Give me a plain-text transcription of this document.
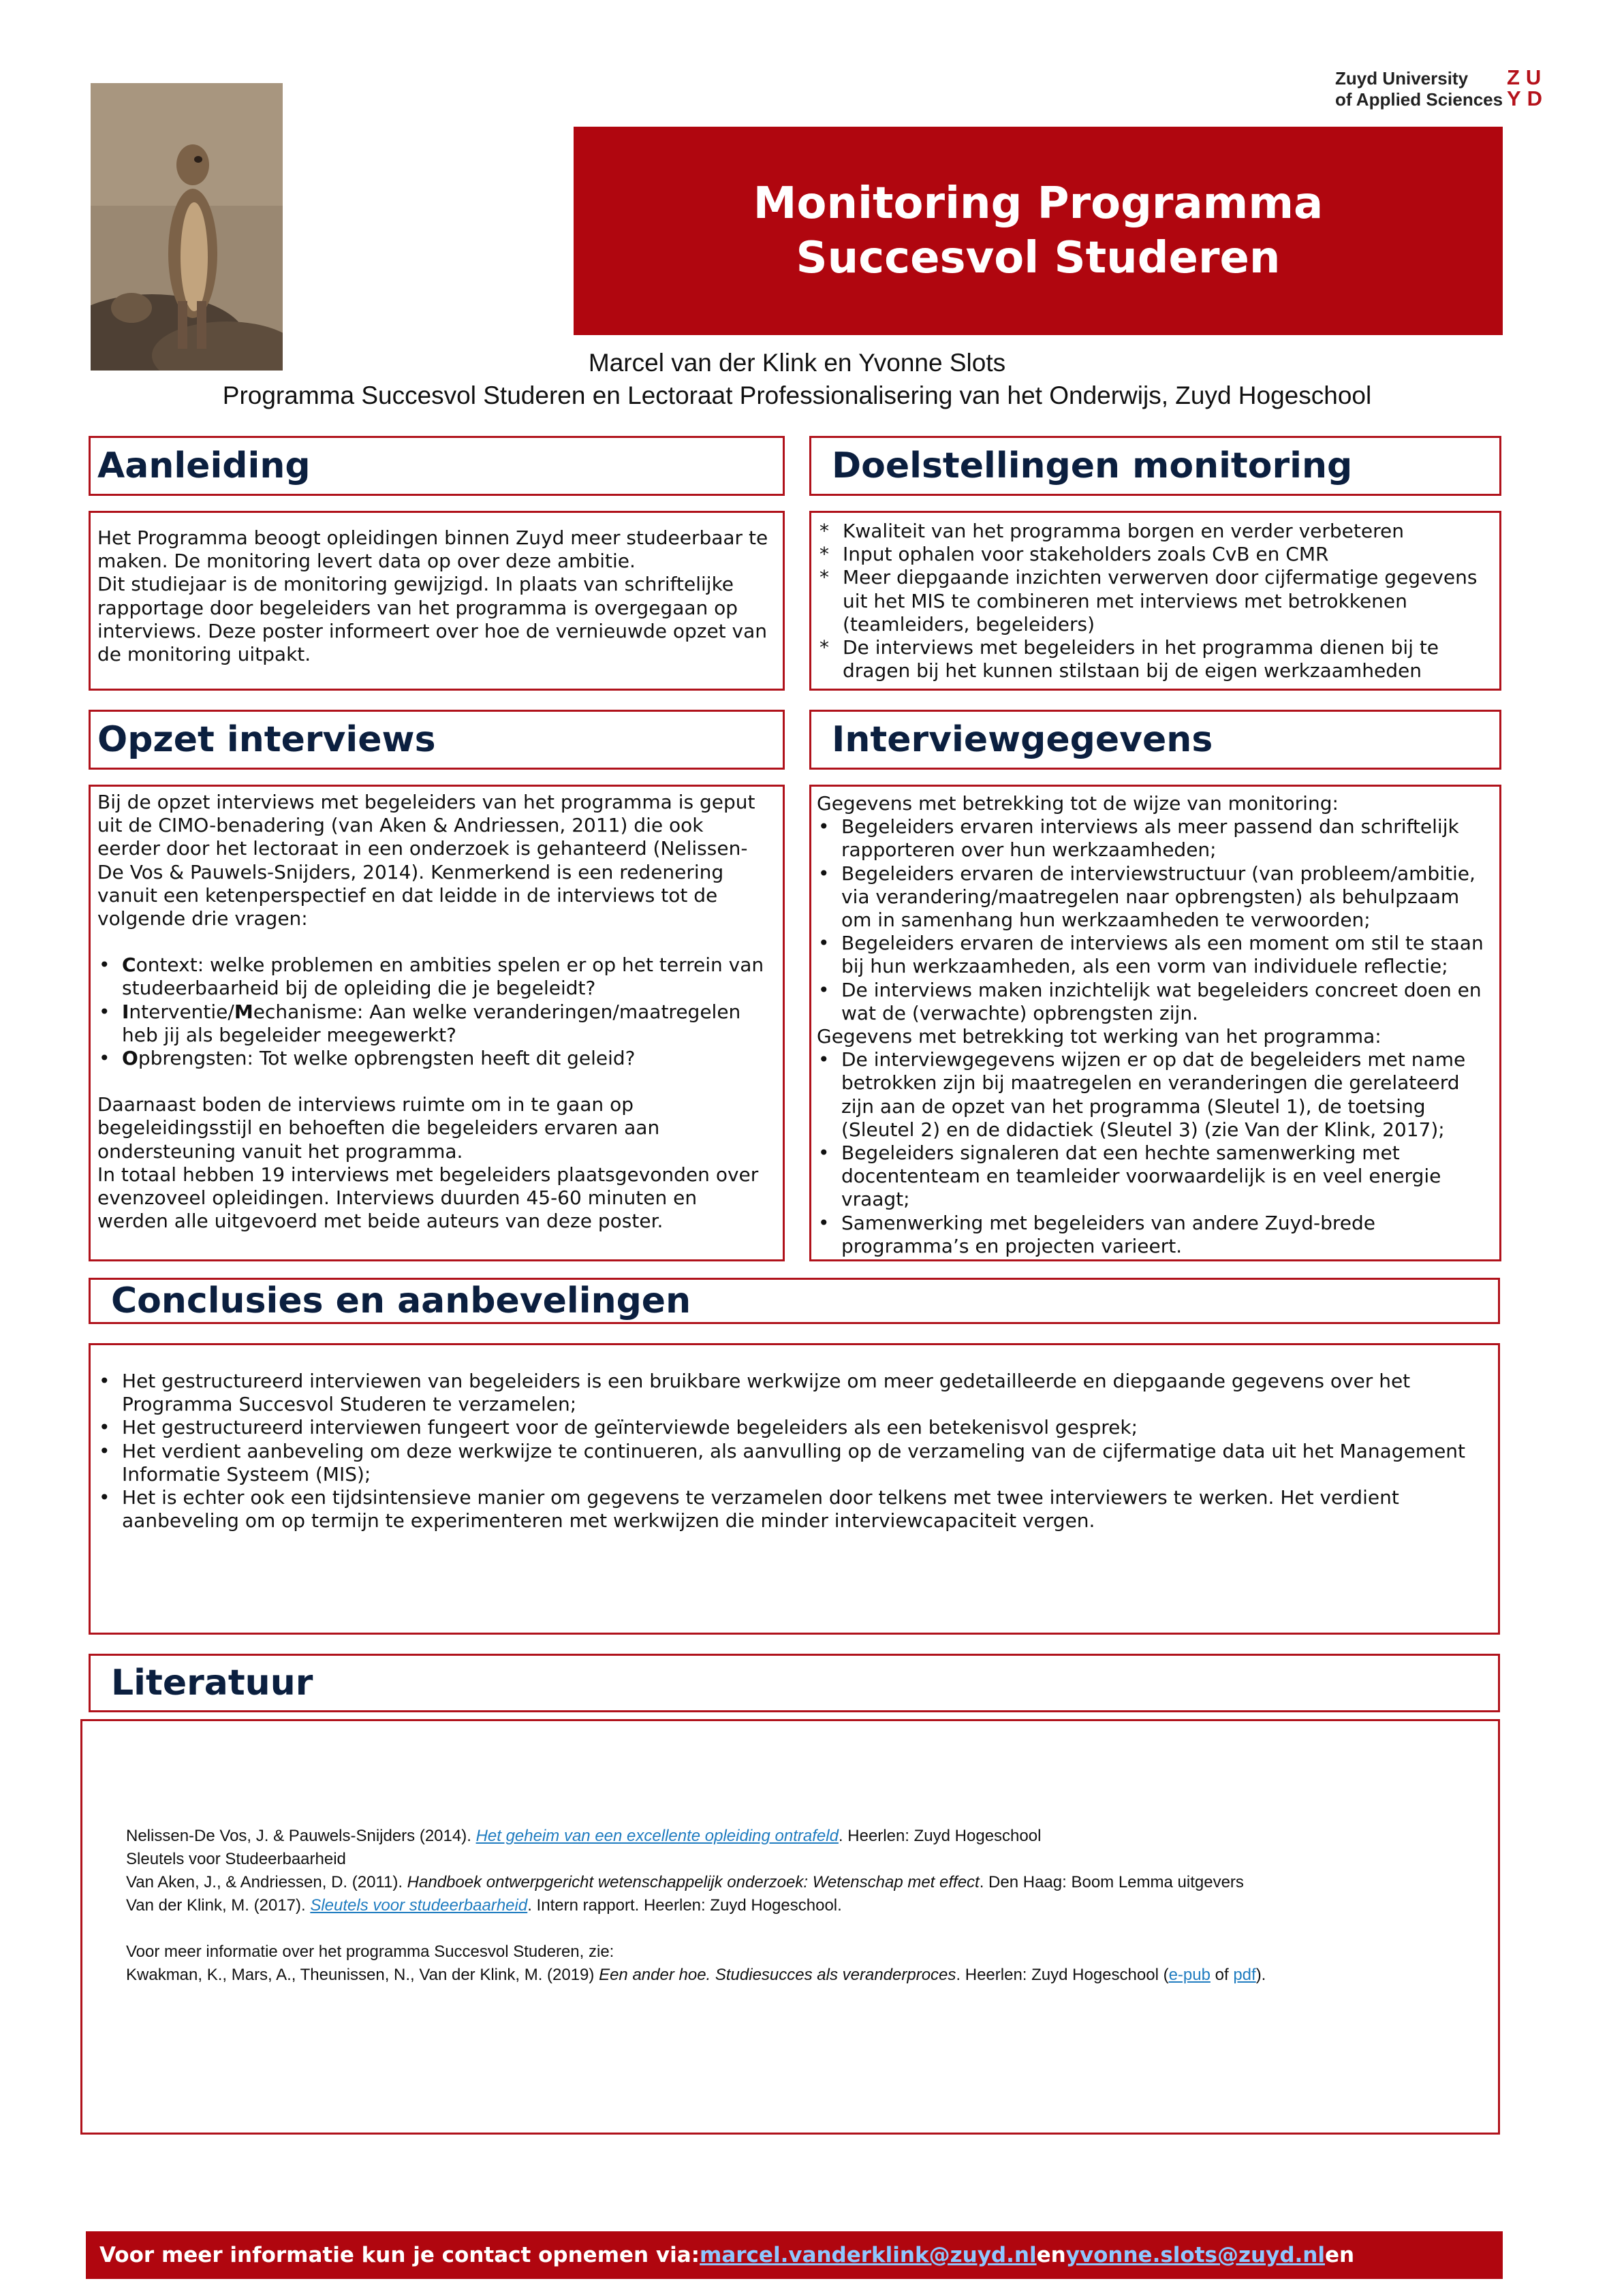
Zuyd University
of Applied Sciences
ZU
YD
Monitoring Programma Succesvol Studeren
Marcel van der Klink en Yvonne Slots
Programma Succesvol Studeren en Lectoraat Professionalisering van het Onderwijs, Zuyd Hogeschool
Aanleiding
Het Programma beoogt opleidingen binnen Zuyd meer studeerbaar te
maken. De monitoring levert data op over deze ambitie.
Dit studiejaar is de monitoring gewijzigd. In plaats van schriftelijke
rapportage door begeleiders van het programma is overgegaan op
interviews. Deze poster informeert over hoe de vernieuwde opzet van
de monitoring uitpakt.
Doelstellingen monitoring
* Kwaliteit van het programma borgen en verder verbeteren
* Input ophalen voor stakeholders zoals CvB en CMR
* Meer diepgaande inzichten verwerven door cijfermatige gegevens uit het MIS te combineren met interviews met betrokkenen (teamleiders, begeleiders)
* De interviews met begeleiders in het programma dienen bij te dragen bij het kunnen stilstaan bij de eigen werkzaamheden
Opzet interviews
Bij de opzet interviews met begeleiders van het programma is geput
uit de CIMO-benadering (van Aken & Andriessen, 2011) die ook
eerder door het lectoraat in een onderzoek is gehanteerd (Nelissen-
De Vos & Pauwels-Snijders, 2014). Kenmerkend is een redenering
vanuit een ketenperspectief en dat leidde in de interviews tot de
volgende drie vragen:
• Context: welke problemen en ambities spelen er op het terrein van studeerbaarheid bij de opleiding die je begeleidt?
• Interventie/Mechanisme: Aan welke veranderingen/maatregelen heb jij als begeleider meegewerkt?
• Opbrengsten: Tot welke opbrengsten heeft dit geleid?
Daarnaast boden de interviews ruimte om in te gaan op
begeleidingsstijl en behoeften die begeleiders ervaren aan
ondersteuning vanuit het programma.
In totaal hebben 19 interviews met begeleiders plaatsgevonden over
evenzoveel opleidingen. Interviews duurden 45-60 minuten en
werden alle uitgevoerd met beide auteurs van deze poster.
Interviewgegevens
Gegevens met betrekking tot de wijze van monitoring:
• Begeleiders ervaren interviews als meer passend dan schriftelijk rapporteren over hun werkzaamheden;
• Begeleiders ervaren de interviewstructuur (van probleem/ambitie, via verandering/maatregelen naar opbrengsten) als behulpzaam om in samenhang hun werkzaamheden te verwoorden;
• Begeleiders ervaren de interviews als een moment om stil te staan bij hun werkzaamheden, als een vorm van individuele reflectie;
• De interviews maken inzichtelijk wat begeleiders concreet doen en wat de (verwachte) opbrengsten zijn.
Gegevens met betrekking tot werking van het programma:
• De interviewgegevens wijzen er op dat de begeleiders met name betrokken zijn bij maatregelen en veranderingen die gerelateerd zijn aan de opzet van het programma (Sleutel 1), de toetsing (Sleutel 2) en de didactiek (Sleutel 3) (zie Van der Klink, 2017);
• Begeleiders signaleren dat een hechte samenwerking met docententeam en teamleider voorwaardelijk is en veel energie vraagt;
• Samenwerking met begeleiders van andere Zuyd-brede programma’s en projecten varieert.
Conclusies en aanbevelingen
• Het gestructureerd interviewen van begeleiders is een bruikbare werkwijze om meer gedetailleerde en diepgaande gegevens over het Programma Succesvol Studeren te verzamelen;
• Het gestructureerd interviewen fungeert voor de geïnterviewde begeleiders als een betekenisvol gesprek;
• Het verdient aanbeveling om deze werkwijze te continueren, als aanvulling op de verzameling van de cijfermatige data uit het Management Informatie Systeem (MIS);
• Het is echter ook een tijdsintensieve manier om gegevens te verzamelen door telkens met twee interviewers te werken. Het verdient aanbeveling om op termijn te experimenteren met werkwijzen die minder interviewcapaciteit vergen.
Literatuur
Nelissen-De Vos, J. & Pauwels-Snijders (2014). Het geheim van een excellente opleiding ontrafeld. Heerlen: Zuyd Hogeschool
Sleutels voor Studeerbaarheid
Van Aken, J., & Andriessen, D. (2011). Handboek ontwerpgericht wetenschappelijk onderzoek: Wetenschap met effect. Den Haag: Boom Lemma uitgevers
Van der Klink, M. (2017). Sleutels voor studeerbaarheid. Intern rapport. Heerlen: Zuyd Hogeschool.
Voor meer informatie over het programma Succesvol Studeren, zie:
Kwakman, K., Mars, A., Theunissen, N., Van der Klink, M. (2019) Een ander hoe. Studiesucces als veranderproces. Heerlen: Zuyd Hogeschool (e-pub of pdf).
Voor meer informatie kun je contact opnemen via: marcel.vanderklink@zuyd.nl en yvonne.slots@zuyd.nl en
